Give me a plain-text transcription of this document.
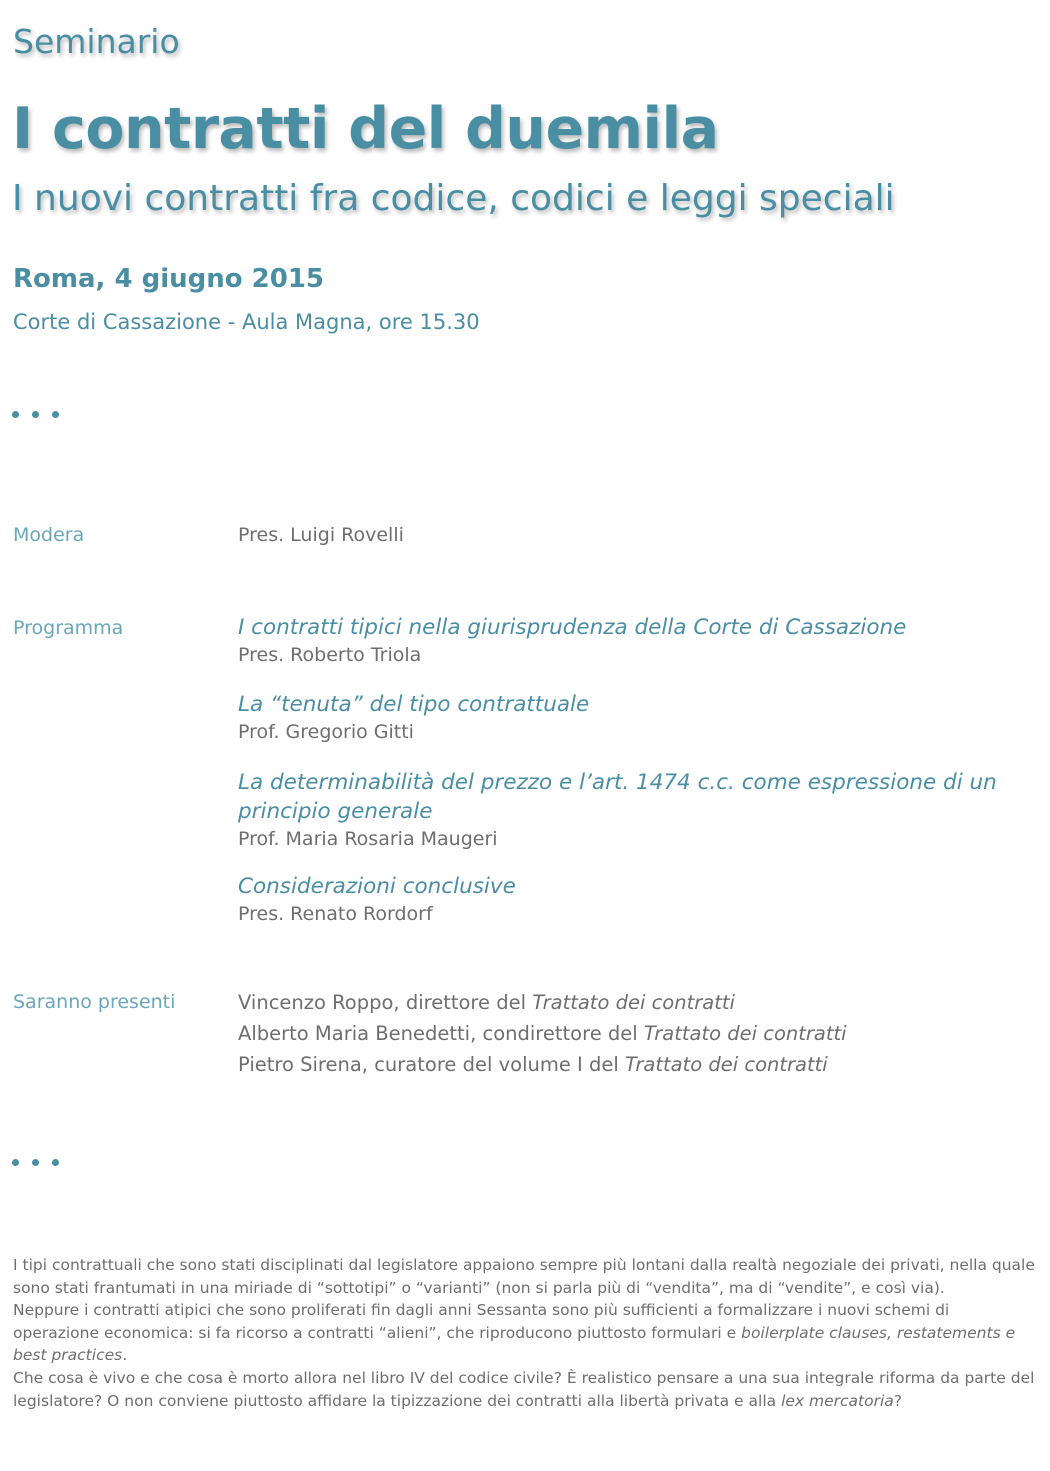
Seminario
I contratti del duemila
I nuovi contratti fra codice, codici e leggi speciali
Roma, 4 giugno 2015
Corte di Cassazione - Aula Magna, ore 15.30
Modera	Pres. Luigi Rovelli
Programma	I contratti tipici nella giurisprudenza della Corte di Cassazione
Pres. Roberto Triola
La “tenuta” del tipo contrattuale
Prof. Gregorio Gitti
La determinabilità del prezzo e l’art. 1474 c.c. come espressione di un principio generale
Prof. Maria Rosaria Maugeri
Considerazioni conclusive
Pres. Renato Rordorf
Saranno presenti	Vincenzo Roppo, direttore del Trattato dei contratti
Alberto Maria Benedetti, condirettore del Trattato dei contratti
Pietro Sirena, curatore del volume I del Trattato dei contratti
I tipi contrattuali che sono stati disciplinati dal legislatore appaiono sempre più lontani dalla realtà negoziale dei privati, nella quale sono stati frantumati in una miriade di “sottotipi” o “varianti” (non si parla più di “vendita”, ma di “vendite”, e così via).
Neppure i contratti atipici che sono proliferati fin dagli anni Sessanta sono più sufficienti a formalizzare i nuovi schemi di operazione economica: si fa ricorso a contratti “alieni”, che riproducono piuttosto formulari e boilerplate clauses, restatements e best practices.
Che cosa è vivo e che cosa è morto allora nel libro IV del codice civile? È realistico pensare a una sua integrale riforma da parte del legislatore? O non conviene piuttosto affidare la tipizzazione dei contratti alla libertà privata e alla lex mercatoria?
